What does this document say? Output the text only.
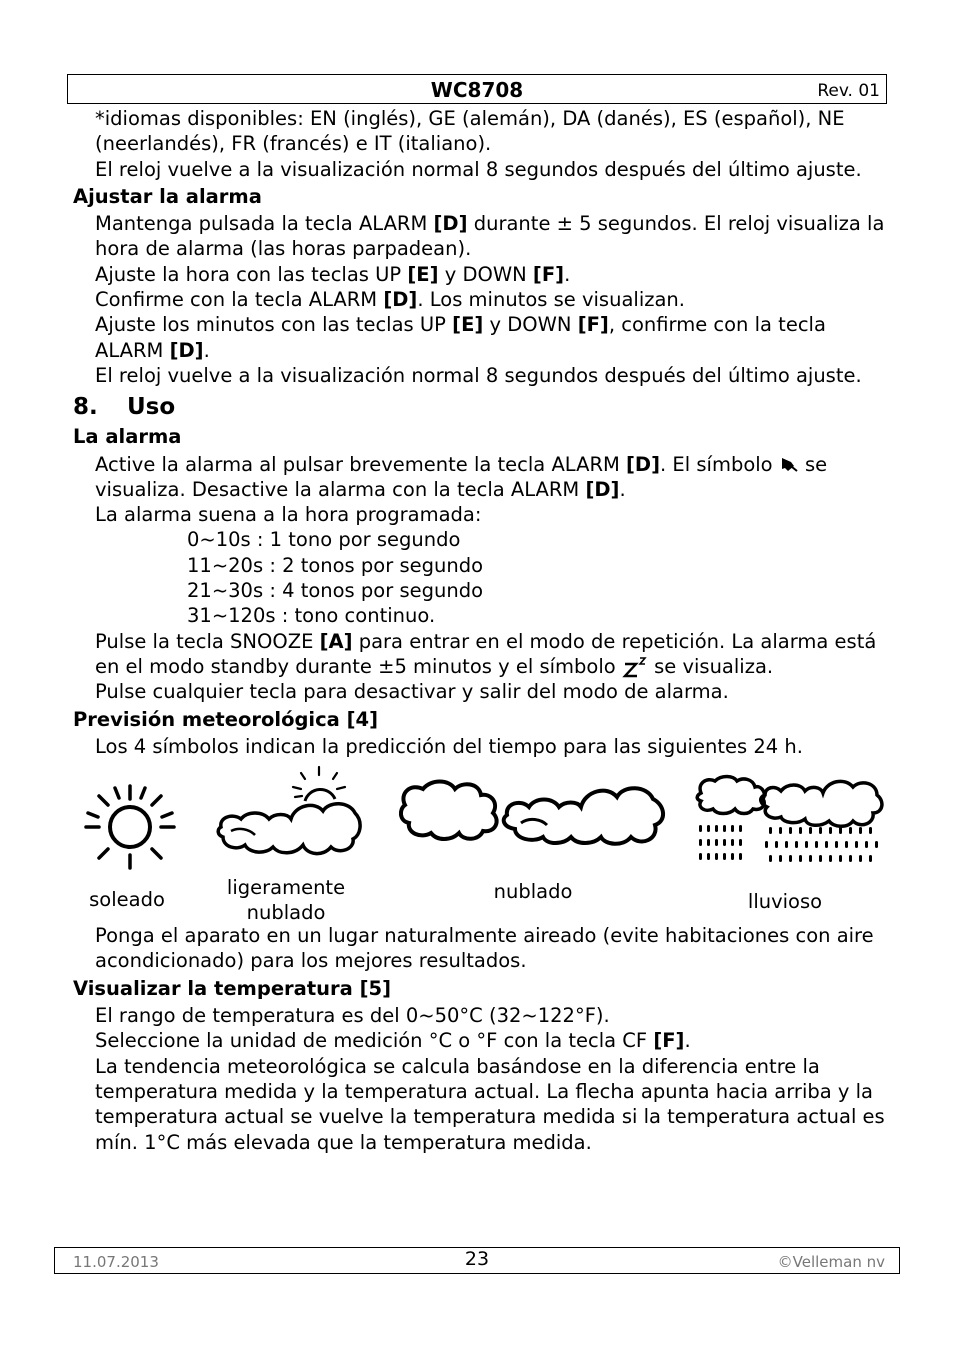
WC8708	Rev. 01

*idiomas disponibles: EN (inglés), GE (alemán), DA (danés), ES (español), NE (neerlandés), FR (francés) e IT (italiano).

El reloj vuelve a la visualización normal 8 segundos después del último ajuste.

Ajustar la alarma

Mantenga pulsada la tecla ALARM [D] durante ± 5 segundos. El reloj visualiza la hora de alarma (las horas parpadean).

Ajuste la hora con las teclas UP [E] y DOWN [F].

Confirme con la tecla ALARM [D]. Los minutos se visualizan.

Ajuste los minutos con las teclas UP [E] y DOWN [F], confirme con la tecla ALARM [D].

El reloj vuelve a la visualización normal 8 segundos después del último ajuste.

8. Uso
La alarma

Active la alarma al pulsar brevemente la tecla ALARM [D]. El símbolo  se visualiza. Desactive la alarma con la tecla ALARM [D].

La alarma suena a la hora programada:

0~10s : 1 tono por segundo

11~20s : 2 tonos por segundo

21~30s : 4 tonos por segundo

31~120s : tono continuo.

Pulse la tecla SNOOZE [A] para entrar en el modo de repetición. La alarma está en el modo standby durante ±5 minutos y el símbolo  se visualiza.

Pulse cualquier tecla para desactivar y salir del modo de alarma.

Previsión meteorológica [4]

Los 4 símbolos indican la predicción del tiempo para las siguientes 24 h.

soleado
ligeramente
nublado
nublado	lluvioso

Ponga el aparato en un lugar naturalmente aireado (evite habitaciones con aire acondicionado) para los mejores resultados.

Visualizar la temperatura [5]

El rango de temperatura es del 0~50°C (32~122°F).

Seleccione la unidad de medición °C o °F con la tecla CF [F].

La tendencia meteorológica se calcula basándose en la diferencia entre la temperatura medida y la temperatura actual. La flecha apunta hacia arriba y la temperatura actual se vuelve la temperatura medida si la temperatura actual es mín. 1°C más elevada que la temperatura medida.

11.07.2013	23	©Velleman nv
